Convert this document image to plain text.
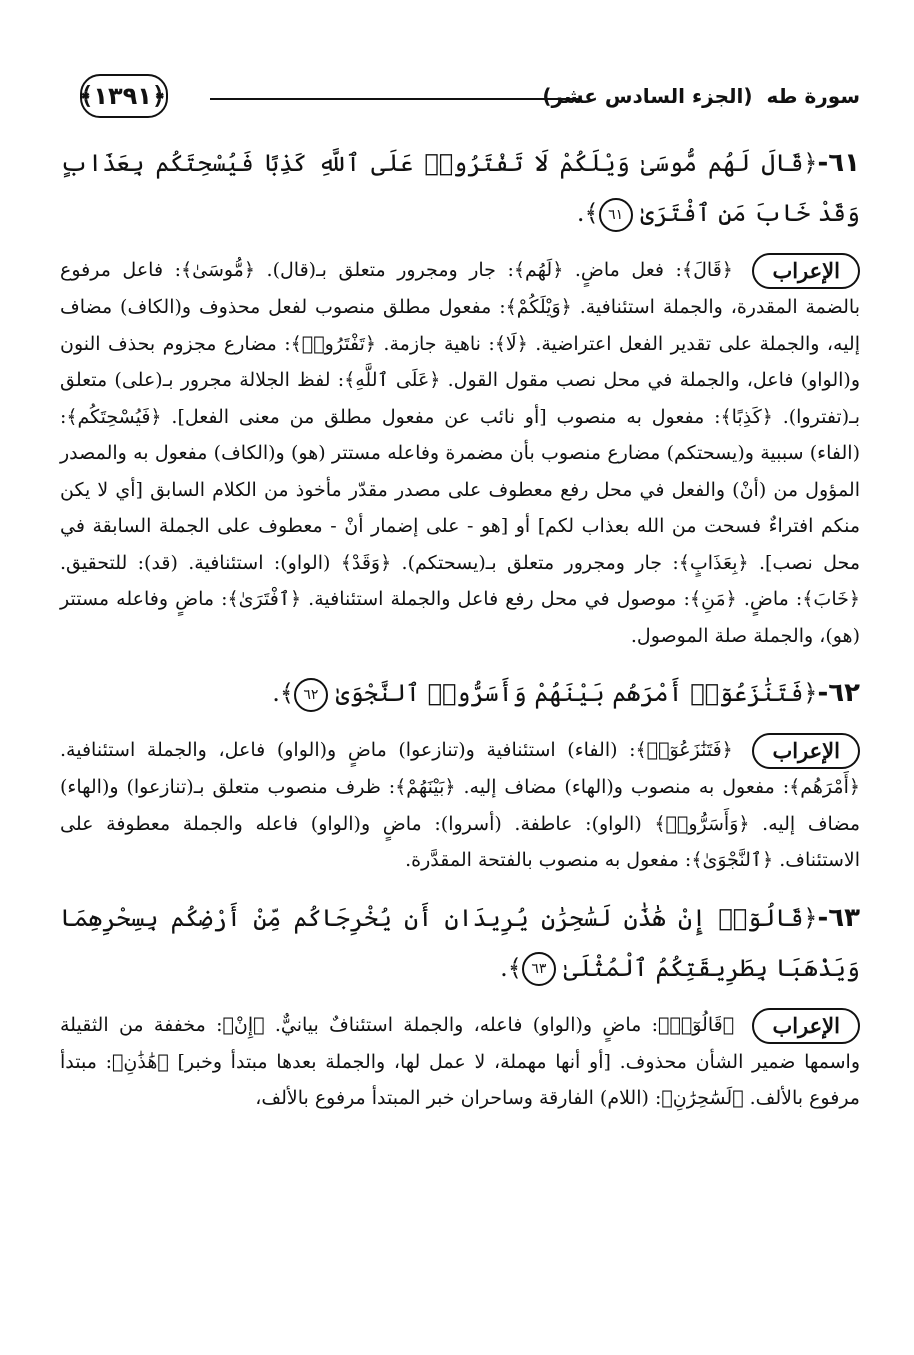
سورة طه(الجزء السادس عشر)
﴿١٣٩١﴾
٦١-﴿قَالَ لَهُم مُّوسَىٰ وَيْلَكُمْ لَا تَفْتَرُوا۟ عَلَى ٱللَّهِ كَذِبًا فَيُسْحِتَكُم بِعَذَابٍ وَقَدْ خَابَ مَنِ ٱفْتَرَىٰ ٦١﴾.
الإعراب ﴿قَالَ﴾: فعل ماضٍ. ﴿لَهُم﴾: جار ومجرور متعلق بـ(قال). ﴿مُّوسَىٰ﴾: فاعل مرفوع بالضمة المقدرة، والجملة استئنافية. ﴿وَيْلَكُمْ﴾: مفعول مطلق منصوب لفعل محذوف و(الكاف) مضاف إليه، والجملة على تقدير الفعل اعتراضية. ﴿لَا﴾: ناهية جازمة. ﴿تَفْتَرُوا۟﴾: مضارع مجزوم بحذف النون و(الواو) فاعل، والجملة في محل نصب مقول القول. ﴿عَلَى ٱللَّهِ﴾: لفظ الجلالة مجرور بـ(على) متعلق بـ(تفتروا). ﴿كَذِبًا﴾: مفعول به منصوب [أو نائب عن مفعول مطلق من معنى الفعل]. ﴿فَيُسْحِتَكُم﴾: (الفاء) سببية و(يسحتكم) مضارع منصوب بأن مضمرة وفاعله مستتر (هو) و(الكاف) مفعول به والمصدر المؤول من (أنْ) والفعل في محل رفع معطوف على مصدر مقدّر مأخوذ من الكلام السابق [أي لا يكن منكم افتراءٌ فسحت من الله بعذاب لكم] أو [هو - على إضمار أنْ - معطوف على الجملة السابقة في محل نصب]. ﴿بِعَذَابٍ﴾: جار ومجرور متعلق بـ(يسحتكم). ﴿وَقَدْ﴾ (الواو): استئنافية. (قد): للتحقيق. ﴿خَابَ﴾: ماضٍ. ﴿مَنِ﴾: موصول في محل رفع فاعل والجملة استئنافية. ﴿ٱفْتَرَىٰ﴾: ماضٍ وفاعله مستتر (هو)، والجملة صلة الموصول.
٦٢-﴿فَتَنَٰزَعُوٓا۟ أَمْرَهُم بَيْنَهُمْ وَأَسَرُّوا۟ ٱلنَّجْوَىٰ ٦٢﴾.
الإعراب ﴿فَتَنَٰزَعُوٓا۟﴾: (الفاء) استئنافية و(تنازعوا) ماضٍ و(الواو) فاعل، والجملة استئنافية. ﴿أَمْرَهُم﴾: مفعول به منصوب و(الهاء) مضاف إليه. ﴿بَيْنَهُمْ﴾: ظرف منصوب متعلق بـ(تنازعوا) و(الهاء) مضاف إليه. ﴿وَأَسَرُّوا۟﴾ (الواو): عاطفة. (أسروا): ماضٍ و(الواو) فاعله والجملة معطوفة على الاستئناف. ﴿ٱلنَّجْوَىٰ﴾: مفعول به منصوب بالفتحة المقدَّرة.
٦٣-﴿قَالُوٓا۟ إِنْ هَٰذَٰنِ لَسَٰحِرَٰنِ يُرِيدَانِ أَن يُخْرِجَاكُم مِّنْ أَرْضِكُم بِسِحْرِهِمَا وَيَذْهَبَا بِطَرِيقَتِكُمُ ٱلْمُثْلَىٰ ٦٣﴾.
الإعراب ﴿قَالُوٓا۟﴾: ماضٍ و(الواو) فاعله، والجملة استئنافٌ بيانيٌّ. ﴿إِنْ﴾: مخففة من الثقيلة واسمها ضمير الشأن محذوف. [أو أنها مهملة، لا عمل لها، والجملة بعدها مبتدأ وخبر] ﴿هَٰذَٰنِ﴾: مبتدأ مرفوع بالألف. ﴿لَسَٰحِرَٰنِ﴾: (اللام) الفارقة وساحران خبر المبتدأ مرفوع بالألف،
